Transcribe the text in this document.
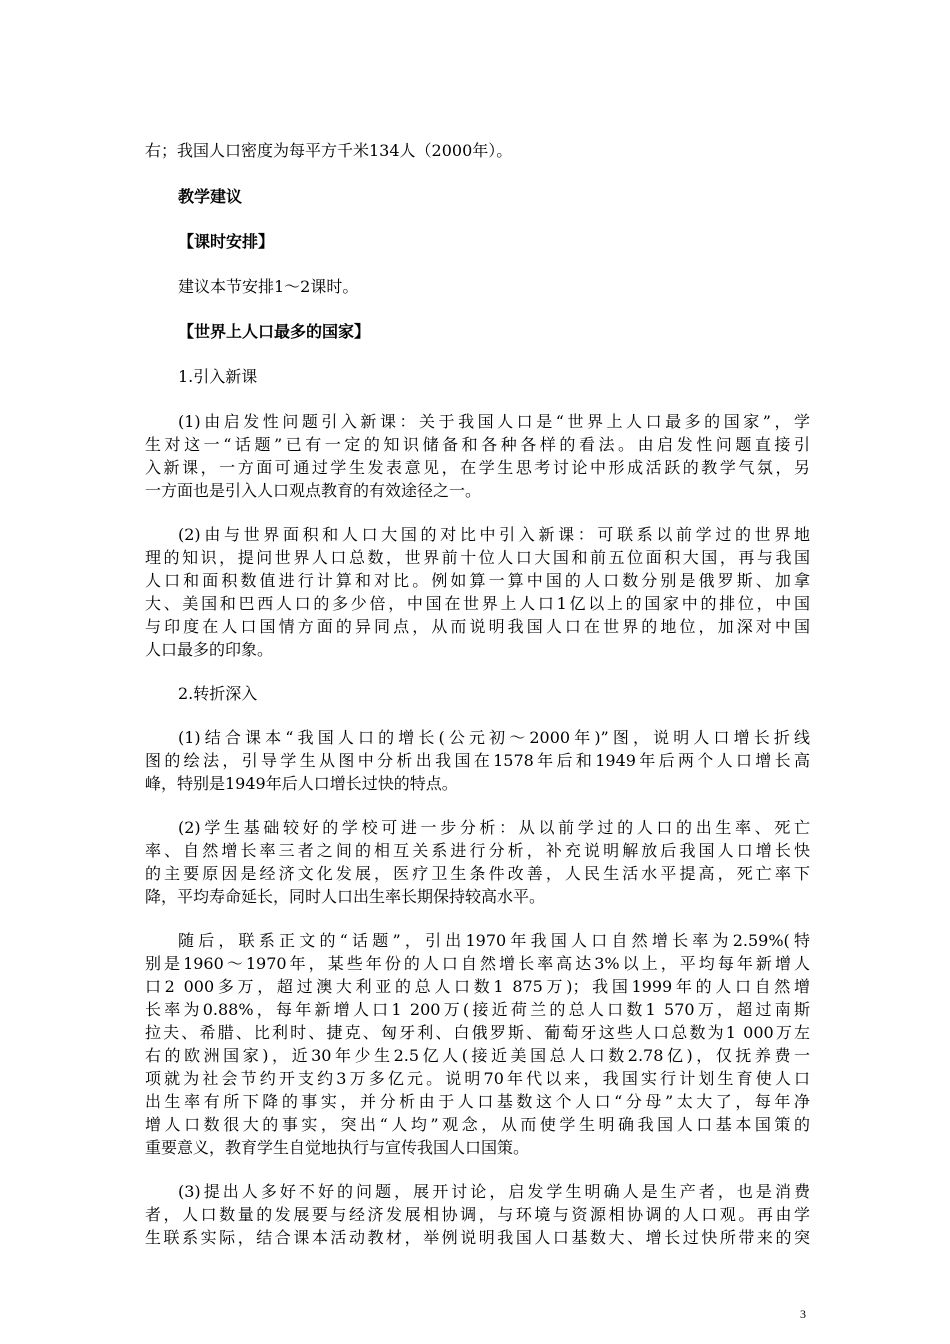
右；我国人口密度为每平方千米134人（2000年）。
教学建议
【课时安排】
建议本节安排1～2课时。
【世界上人口最多的国家】
1.引入新课
(1)由启发性问题引入新课：关于我国人口是“世界上人口最多的国家”，学
生对这一“话题”已有一定的知识储备和各种各样的看法。由启发性问题直接引
入新课，一方面可通过学生发表意见，在学生思考讨论中形成活跃的教学气氛，另
一方面也是引入人口观点教育的有效途径之一。
(2)由与世界面积和人口大国的对比中引入新课：可联系以前学过的世界地
理的知识，提问世界人口总数，世界前十位人口大国和前五位面积大国，再与我国
人口和面积数值进行计算和对比。例如算一算中国的人口数分别是俄罗斯、加拿
大、美国和巴西人口的多少倍，中国在世界上人口1亿以上的国家中的排位，中国
与印度在人口国情方面的异同点，从而说明我国人口在世界的地位，加深对中国
人口最多的印象。
2.转折深入
(1)结合课本“我国人口的增长(公元初～2000年)”图，说明人口增长折线
图的绘法，引导学生从图中分析出我国在1578年后和1949年后两个人口增长高
峰，特别是1949年后人口增长过快的特点。
(2)学生基础较好的学校可进一步分析：从以前学过的人口的出生率、死亡
率、自然增长率三者之间的相互关系进行分析，补充说明解放后我国人口增长快
的主要原因是经济文化发展，医疗卫生条件改善，人民生活水平提高，死亡率下
降，平均寿命延长，同时人口出生率长期保持较高水平。
随后，联系正文的“话题”，引出1970年我国人口自然增长率为2.59%(特
别是1960～1970年，某些年份的人口自然增长率高达3%以上，平均每年新增人
口2 000多万，超过澳大利亚的总人口数1 875万)；我国1999年的人口自然增
长率为0.88%，每年新增人口1 200万(接近荷兰的总人口数1 570万，超过南斯
拉夫、希腊、比利时、捷克、匈牙利、白俄罗斯、葡萄牙这些人口总数为1 000万左
右的欧洲国家)，近30年少生2.5亿人(接近美国总人口数2.78亿)，仅抚养费一
项就为社会节约开支约3万多亿元。说明70年代以来，我国实行计划生育使人口
出生率有所下降的事实，并分析由于人口基数这个人口“分母”太大了，每年净
增人口数很大的事实，突出“人均”观念，从而使学生明确我国人口基本国策的
重要意义，教育学生自觉地执行与宣传我国人口国策。
(3)提出人多好不好的问题，展开讨论，启发学生明确人是生产者，也是消费
者，人口数量的发展要与经济发展相协调，与环境与资源相协调的人口观。再由学
生联系实际，结合课本活动教材，举例说明我国人口基数大、增长过快所带来的突
3
